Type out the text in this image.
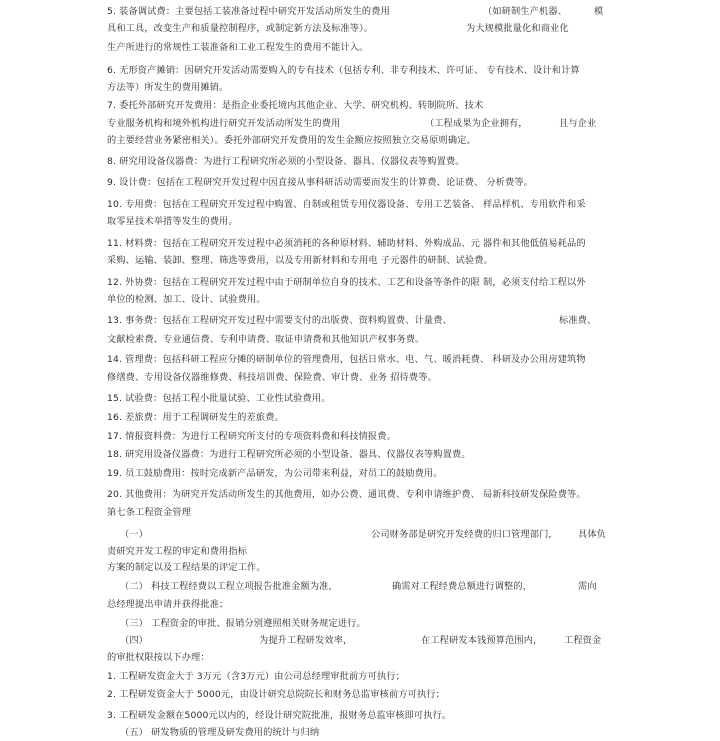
5. 装备调试费：主要包括工装准备过程中研究开发活动所发生的费用	（如研制生产机器、	模
具和工具，改变生产和质量控制程序，或制定新方法及标准等）。	为大规模批量化和商业化
生产所进行的常规性工装准备和工业工程发生的费用不能计入。
6. 无形资产摊销：因研究开发活动需要购入的专有技术（包括专利、非专利技术、许可证、 专有技术、设计和计算
方法等）所发生的费用摊销。
7. 委托外部研究开发费用：是指企业委托境内其他企业、大学、研究机构、转制院所、技术
专业服务机构和境外机构进行研究开发活动所发生的费用	（工程成果为企业拥有，	且与企业
的主要经营业务紧密相关）。委托外部研究开发费用的发生金额应按照独立交易原则确定。
8. 研究用设备仪器费：为进行工程研究所必须的小型设备、器具、仪器仪表等购置费。
9. 设计费：包括在工程研究开发过程中因直接从事科研活动需要而发生的计算费、论证费、 分析费等。
10. 专用费：包括在工程研究开发过程中购置、自制或租赁专用仪器设备、专用工艺装备、 样品样机、专用软件和采
取零星技术举措等发生的费用。
11. 材料费：包括在工程研究开发过程中必须消耗的各种原材料、辅助材料、外购成品、元 器件和其他低值易耗品的
采购、运输、装卸、整理、筛选等费用，以及专用新材料和专用电 子元器件的研制、试验费。
12. 外协费：包括在工程研究开发过程中由于研制单位自身的技术、工艺和设备等条件的限 制，必须支付给工程以外
单位的检测、加工、设计、试验费用。
13. 事务费：包括在工程研究开发过程中需要支付的出版费、资料购置费、计量费、	标准费、
文献检索费、专业通信费、专利申请费、取证申请费和其他知识产权事务费。
14. 管理费：包括科研工程应分摊的研制单位的管理费用，包括日常水、电、气、暖消耗费、 科研及办公用房建筑物
修缮费、专用设备仪器维修费、科技培训费、保险费、审计费、业务 招待费等。
15. 试验费：包括工程小批量试验、工业性试验费用。
16. 差旅费：用于工程调研发生的差旅费。
17. 情报资料费：为进行工程研究所支付的专项资料费和科技情报费。
18. 研究用设备仪器费：为进行工程研究所必须的小型设备、器具、仪器仪表等购置费。
19. 员工鼓励费用：按时完成新产品研发，为公司带来利益，对员工的鼓励费用。
20. 其他费用：为研究开发活动所发生的其他费用，如办公费、通讯费、专利申请维护费、 局新科技研发保险费等。
第七条工程资金管理
（一）	公司财务部是研究开发经费的归口管理部门， 具体负
责研究开发工程的审定和费用指标
方案的制定以及工程结果的评定工作。
（二） 科技工程经费以工程立项报告批准金额为准，	确需对工程经费总额进行调整的，	需向
总经理提出申请并获得批准；
（三） 工程资金的审批、报销分别遵照相关财务规定进行。
（四）	为提升工程研发效率，	在工程研发本钱预算范围内， 工程资金
的审批权限按以下办理：
1. 工程研发资金大于 3万元（含3万元）由公司总经理审批前方可执行；
2. 工程研发资金大于 5000元，由设计研究总院院长和财务总监审核前方可执行；
3. 工程研发金额在5000元以内的，经设计研究院批准，报财务总监审核即可执行。
（五） 研发物质的管理及研发费用的统计与归纳
